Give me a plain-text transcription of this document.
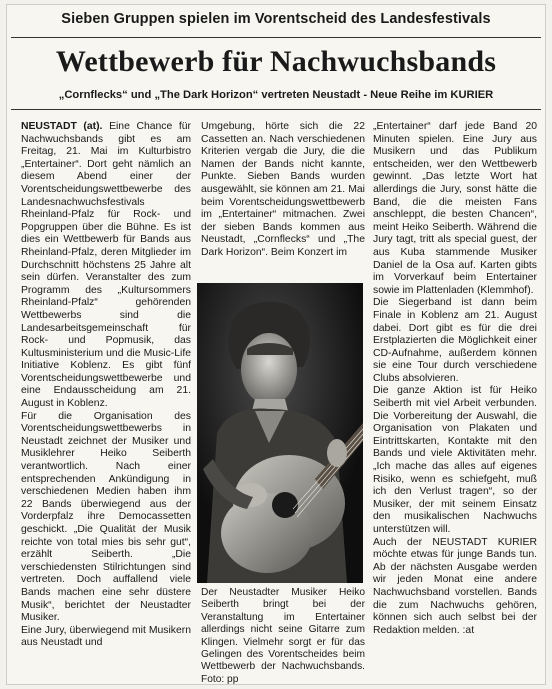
Sieben Gruppen spielen im Vorentscheid des Landesfestivals
Wettbewerb für Nachwuchsbands
„Cornflecks“ und „The Dark Horizon“ vertreten Neustadt - Neue Reihe im KURIER

NEUSTADT (at). Eine Chance für Nachwuchsbands gibt es am Freitag, 21. Mai im Kulturbistro „Entertainer“. Dort geht nämlich an diesem Abend einer der Vorentscheidungswettbewerbe des Landesnachwuchsfestivals Rheinland-Pfalz für Rock- und Popgruppen über die Bühne. Es ist dies ein Wettbewerb für Bands aus Rheinland-Pfalz, deren Mitglieder im Durchschnitt höchstens 25 Jahre alt sein dürfen. Veranstalter des zum Programm des „Kultursommers Rheinland-Pfalz“ gehörenden Wettbewerbs sind die Landesarbeitsgemeinschaft für Rock- und Popmusik, das Kultusministerium und die Music-Life Initiative Koblenz. Es gibt fünf Vorentscheidungswettbewerbe und eine Endausscheidung am 21. August in Koblenz.

Für die Organisation des Vorentscheidungswettbewerbs in Neustadt zeichnet der Musiker und Musiklehrer Heiko Seiberth verantwortlich. Nach einer entsprechenden Ankündigung in verschiedenen Medien haben ihm 22 Bands überwiegend aus der Vorderpfalz ihre Democassetten geschickt. „Die Qualität der Musik reichte von total mies bis sehr gut“, erzählt Seiberth. „Die verschiedensten Stilrichtungen sind vertreten. Doch auffallend viele Bands machen eine sehr düstere Musik“, berichtet der Neustadter Musiker.

Eine Jury, überwiegend mit Musikern aus Neustadt und

Umgebung, hörte sich die 22 Cassetten an. Nach verschiedenen Kriterien vergab die Jury, die die Namen der Bands nicht kannte, Punkte. Sieben Bands wurden ausgewählt, sie können am 21. Mai beim Vorentscheidungswettbewerb im „Entertainer“ mitmachen. Zwei der sieben Bands kommen aus Neustadt, „Cornflecks“ und „The Dark Horizon“. Beim Konzert im

Der Neustadter Musiker Heiko Seiberth bringt bei der Veranstaltung im Entertainer allerdings nicht seine Gitarre zum Klingen. Vielmehr sorgt er für das Gelingen des Vorentscheides beim Wettbewerb der Nachwuchsbands. Foto: pp

„Entertainer“ darf jede Band 20 Minuten spielen. Eine Jury aus Musikern und das Publikum entscheiden, wer den Wettbewerb gewinnt. „Das letzte Wort hat allerdings die Jury, sonst hätte die Band, die die meisten Fans anschleppt, die besten Chancen“, meint Heiko Seiberth. Während die Jury tagt, tritt als special guest, der aus Kuba stammende Musiker Daniel de la Osa auf. Karten gibts im Vorverkauf beim Entertainer sowie im Plattenladen (Klemmhof).

Die Siegerband ist dann beim Finale in Koblenz am 21. August dabei. Dort gibt es für die drei Erstplazierten die Möglichkeit einer CD-Aufnahme, außerdem können sie eine Tour durch verschiedene Clubs absolvieren.

Die ganze Aktion ist für Heiko Seiberth mit viel Arbeit verbunden. Die Vorbereitung der Auswahl, die Organisation von Plakaten und Eintrittskarten, Kontakte mit den Bands und viele Aktivitäten mehr. „Ich mache das alles auf eigenes Risiko, wenn es schiefgeht, muß ich den Verlust tragen“, so der Musiker, der mit seinem Einsatz den musikalischen Nachwuchs unterstützen will.

Auch der NEUSTADT KURIER möchte etwas für junge Bands tun. Ab der nächsten Ausgabe werden wir jeden Monat eine andere Nachwuchsband vorstellen. Bands die zum Nachwuchs gehören, können sich auch selbst bei der Redaktion melden. :at
